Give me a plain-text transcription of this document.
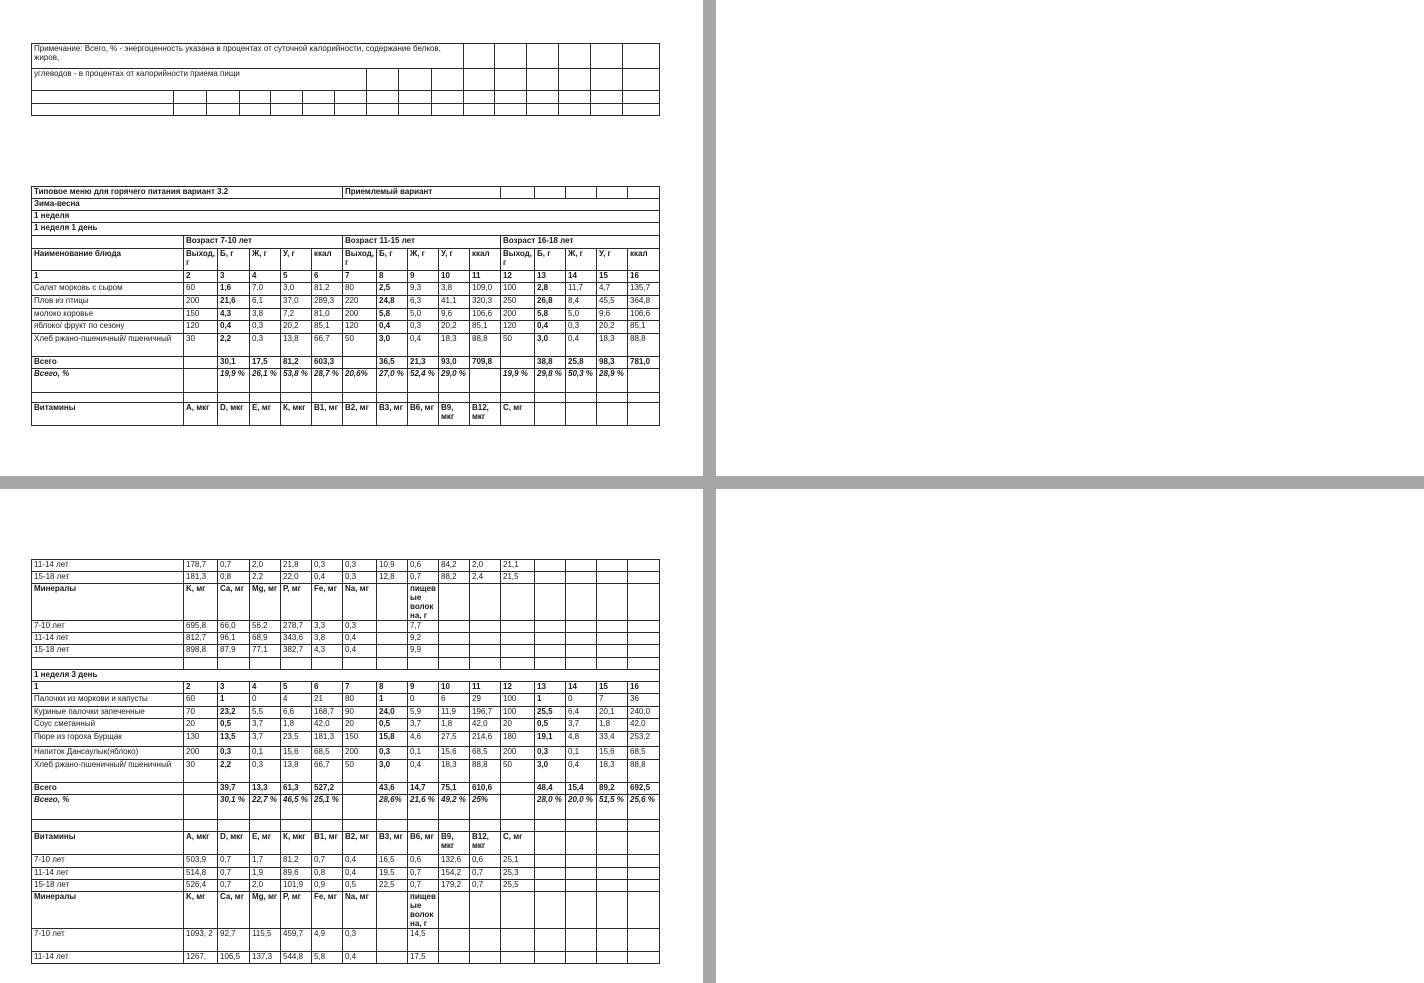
Примечание: Всего, % - энергоценность указана в процентах от суточной калорийности, содержание белков, жиров,															
углеводов - в процентах от калорийности приема пищи															

Типовое меню для горячего питания вариант 3.2						Приемлемый вариант									
Зима-весна															
1 неделя															
1 неделя 1 день															
	Возраст 7-10 лет					Возраст 11-15 лет					Возраст 16-18 лет				
Наименование блюда	Выход, г	Б, г	Ж, г	У, г	ккал	Выход, г	Б, г	Ж, г	У, г	ккал	Выход, г	Б, г	Ж, г	У, г	ккал
1	2	3	4	5	6	7	8	9	10	11	12	13	14	15	16
Салат морковь с сыром	60	1,6	7,0	3,0	81,2	80	2,5	9,3	3,8	109,0	100	2,8	11,7	4,7	135,7
Плов из птицы	200	21,6	6,1	37,0	289,3	220	24,8	6,3	41,1	320,3	250	26,8	8,4	45,5	364,8
молоко коровье	150	4,3	3,8	7,2	81,0	200	5,8	5,0	9,6	106,6	200	5,8	5,0	9,6	106,6
яблоко/ фрукт по сезону	120	0,4	0,3	20,2	85,1	120	0,4	0,3	20,2	85,1	120	0,4	0,3	20,2	85,1
Хлеб ржано-пшеничный/ пшеничный	30	2,2	0,3	13,8	66,7	50	3,0	0,4	18,3	88,8	50	3,0	0,4	18,3	88,8
Всего		30,1	17,5	81,2	603,3		36,5	21,3	93,0	709,8		38,8	25,8	98,3	781,0
Всего, %		19,9 %	26,1 %	53,8 %	28,7 %	20,6%	27,0 %	52,4 %	29,0 %		19,9 %	29,8 %	50,3 %	28,9 %	

Витамины	А, мкг	D, мкг	Е, мг	К, мкг	В1, мг	В2, мг	В3, мг	В6, мг	В9, мкг	В12, мкг	С, мг				

11-14 лет	178,7	0,7	2,0	21,8	0,3	0,3	10,9	0,6	84,2	2,0	21,1				
15-18 лет	181,3	0,8	2,2	22,0	0,4	0,3	12,8	0,7	88,2	2,4	21,5				
Минералы	K, мг	Са, мг	Mg, мг	P, мг	Fe, мг	Na, мг		пищевые волокна, г							
7-10 лет	695,8	66,0	56,2	278,7	3,3	0,3		7,7							
11-14 лет	812,7	96,1	68,9	343,6	3,8	0,4		9,2							
15-18 лет	898,8	87,9	77,1	382,7	4,3	0,4		9,9							

1 неделя 3 день															
1	2	3	4	5	6	7	8	9	10	11	12	13	14	15	16
Палочки из моркови и капусты	60	1	0	4	21	80	1	0	6	29	100	1	0	7	36
Куриные палочки запеченные	70	23,2	5,5	6,6	168,7	90	24,0	5,9	11,9	196,7	100	25,5	6,4	20,1	240,0
Соус сметанный	20	0,5	3,7	1,8	42,0	20	0,5	3,7	1,8	42,0	20	0,5	3,7	1,8	42,0
Пюре из гороха Бурщак	130	13,5	3,7	23,5	181,3	150	15,8	4,6	27,5	214,6	180	19,1	4,8	33,4	253,2
Напиток Дансаулык(яблоко)	200	0,3	0,1	15,6	68,5	200	0,3	0,1	15,6	68,5	200	0,3	0,1	15,6	68,5
Хлеб ржано-пшеничный/ пшеничный	30	2,2	0,3	13,8	66,7	50	3,0	0,4	18,3	88,8	50	3,0	0,4	18,3	88,8
Всего		39,7	13,3	61,3	527,2		43,6	14,7	75,1	610,6		48,4	15,4	89,2	692,5
Всего, %		30,1 %	22,7 %	46,5 %	25,1 %		28,6%	21,6 %	49,2 %	25%		28,0 %	20,0 %	51,5 %	25,6 %

Витамины	А, мкг	D, мкг	Е, мг	К, мкг	В1, мг	В2, мг	В3, мг	В6, мг	В9, мкг	В12, мкг	С, мг				
7-10 лет	503,9	0,7	1,7	81,2	0,7	0,4	16,5	0,6	132,6	0,6	25,1				
11-14 лет	514,8	0,7	1,9	89,6	0,8	0,4	19,5	0,7	154,2	0,7	25,3				
15-18 лет	526,4	0,7	2,0	101,9	0,9	0,5	22,5	0,7	179,2	0,7	25,5				
Минералы	K, мг	Са, мг	Mg, мг	P, мг	Fe, мг	Na, мг		пищевые волокна, г							
7-10 лет	1093, 2	92,7	115,5	459,7	4,9	0,3		14,5							
11-14 лет	1267,	106,5	137,3	544,8	5,8	0,4		17,5							
